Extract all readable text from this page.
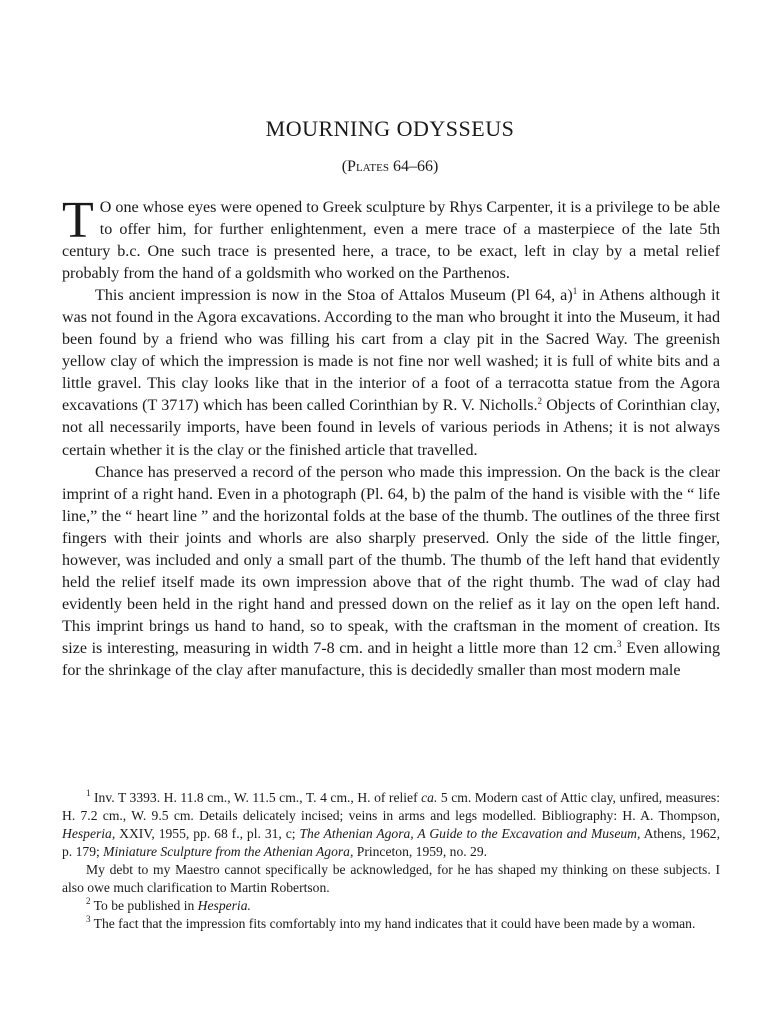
MOURNING ODYSSEUS
(Plates 64–66)

T O one whose eyes were opened to Greek sculpture by Rhys Carpenter, it is a privilege to be able to offer him, for further enlightenment, even a mere trace of a masterpiece of the late 5th century b.c. One such trace is presented here, a trace, to be exact, left in clay by a metal relief probably from the hand of a goldsmith who worked on the Parthenos.

This ancient impression is now in the Stoa of Attalos Museum (Pl 64, a)$^1$ in Athens although it was not found in the Agora excavations. According to the man who brought it into the Museum, it had been found by a friend who was filling his cart from a clay pit in the Sacred Way. The greenish yellow clay of which the impression is made is not fine nor well washed; it is full of white bits and a little gravel. This clay looks like that in the interior of a foot of a terracotta statue from the Agora excavations (T 3717) which has been called Corinthian by R. V. Nicholls.$^2$ Objects of Corinthian clay, not all necessarily imports, have been found in levels of various periods in Athens; it is not always certain whether it is the clay or the finished article that travelled.

Chance has preserved a record of the person who made this impression. On the back is the clear imprint of a right hand. Even in a photograph (Pl. 64, b) the palm of the hand is visible with the “ life line,” the “ heart line ” and the horizontal folds at the base of the thumb. The outlines of the three first fingers with their joints and whorls are also sharply preserved. Only the side of the little finger, however, was included and only a small part of the thumb. The thumb of the left hand that evidently held the relief itself made its own impression above that of the right thumb. The wad of clay had evidently been held in the right hand and pressed down on the relief as it lay on the open left hand. This imprint brings us hand to hand, so to speak, with the craftsman in the moment of creation. Its size is interesting, measuring in width 7-8 cm. and in height a little more than 12 cm.$^3$ Even allowing for the shrinkage of the clay after manufacture, this is decidedly smaller than most modern male

$^1$ Inv. T 3393. H. 11.8 cm., W. 11.5 cm., T. 4 cm., H. of relief ca. 5 cm. Modern cast of Attic clay, unfired, measures: H. 7.2 cm., W. 9.5 cm. Details delicately incised; veins in arms and legs modelled. Bibliography: H. A. Thompson, Hesperia, XXIV, 1955, pp. 68 f., pl. 31, c; The Athenian Agora, A Guide to the Excavation and Museum, Athens, 1962, p. 179; Miniature Sculpture from the Athenian Agora, Princeton, 1959, no. 29.

My debt to my Maestro cannot specifically be acknowledged, for he has shaped my thinking on these subjects. I also owe much clarification to Martin Robertson.

$^2$ To be published in Hesperia.

$^3$ The fact that the impression fits comfortably into my hand indicates that it could have been made by a woman.
